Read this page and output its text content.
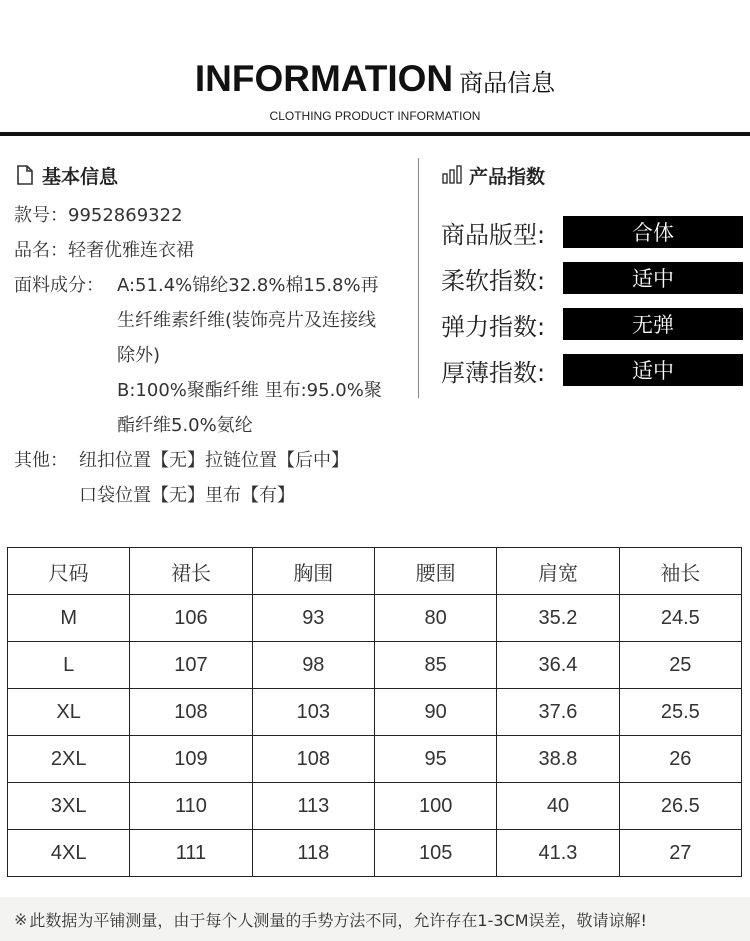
INFORMATION 商品信息
CLOTHING PRODUCT INFORMATION
基本信息
款号：9952869322
品名：轻奢优雅连衣裙
面料成分： A:51.4%锦纶32.8%棉15.8%再
生纤维素纤维(装饰亮片及连接线
除外)
B:100%聚酯纤维 里布:95.0%聚
酯纤维5.0%氨纶
其他： 纽扣位置【无】拉链位置【后中】
口袋位置【无】里布【有】
产品指数
商品版型:	合体
柔软指数:	适中
弹力指数:	无弹
厚薄指数:	适中
尺码	裙长	胸围	腰围	肩宽	袖长
M	106	93	80	35.2	24.5
L	107	98	85	36.4	25
XL	108	103	90	37.6	25.5
2XL	109	108	95	38.8	26
3XL	110	113	100	40	26.5
4XL	111	118	105	41.3	27
※ 此数据为平铺测量，由于每个人测量的手势方法不同，允许存在1-3CM误差，敬请谅解!
